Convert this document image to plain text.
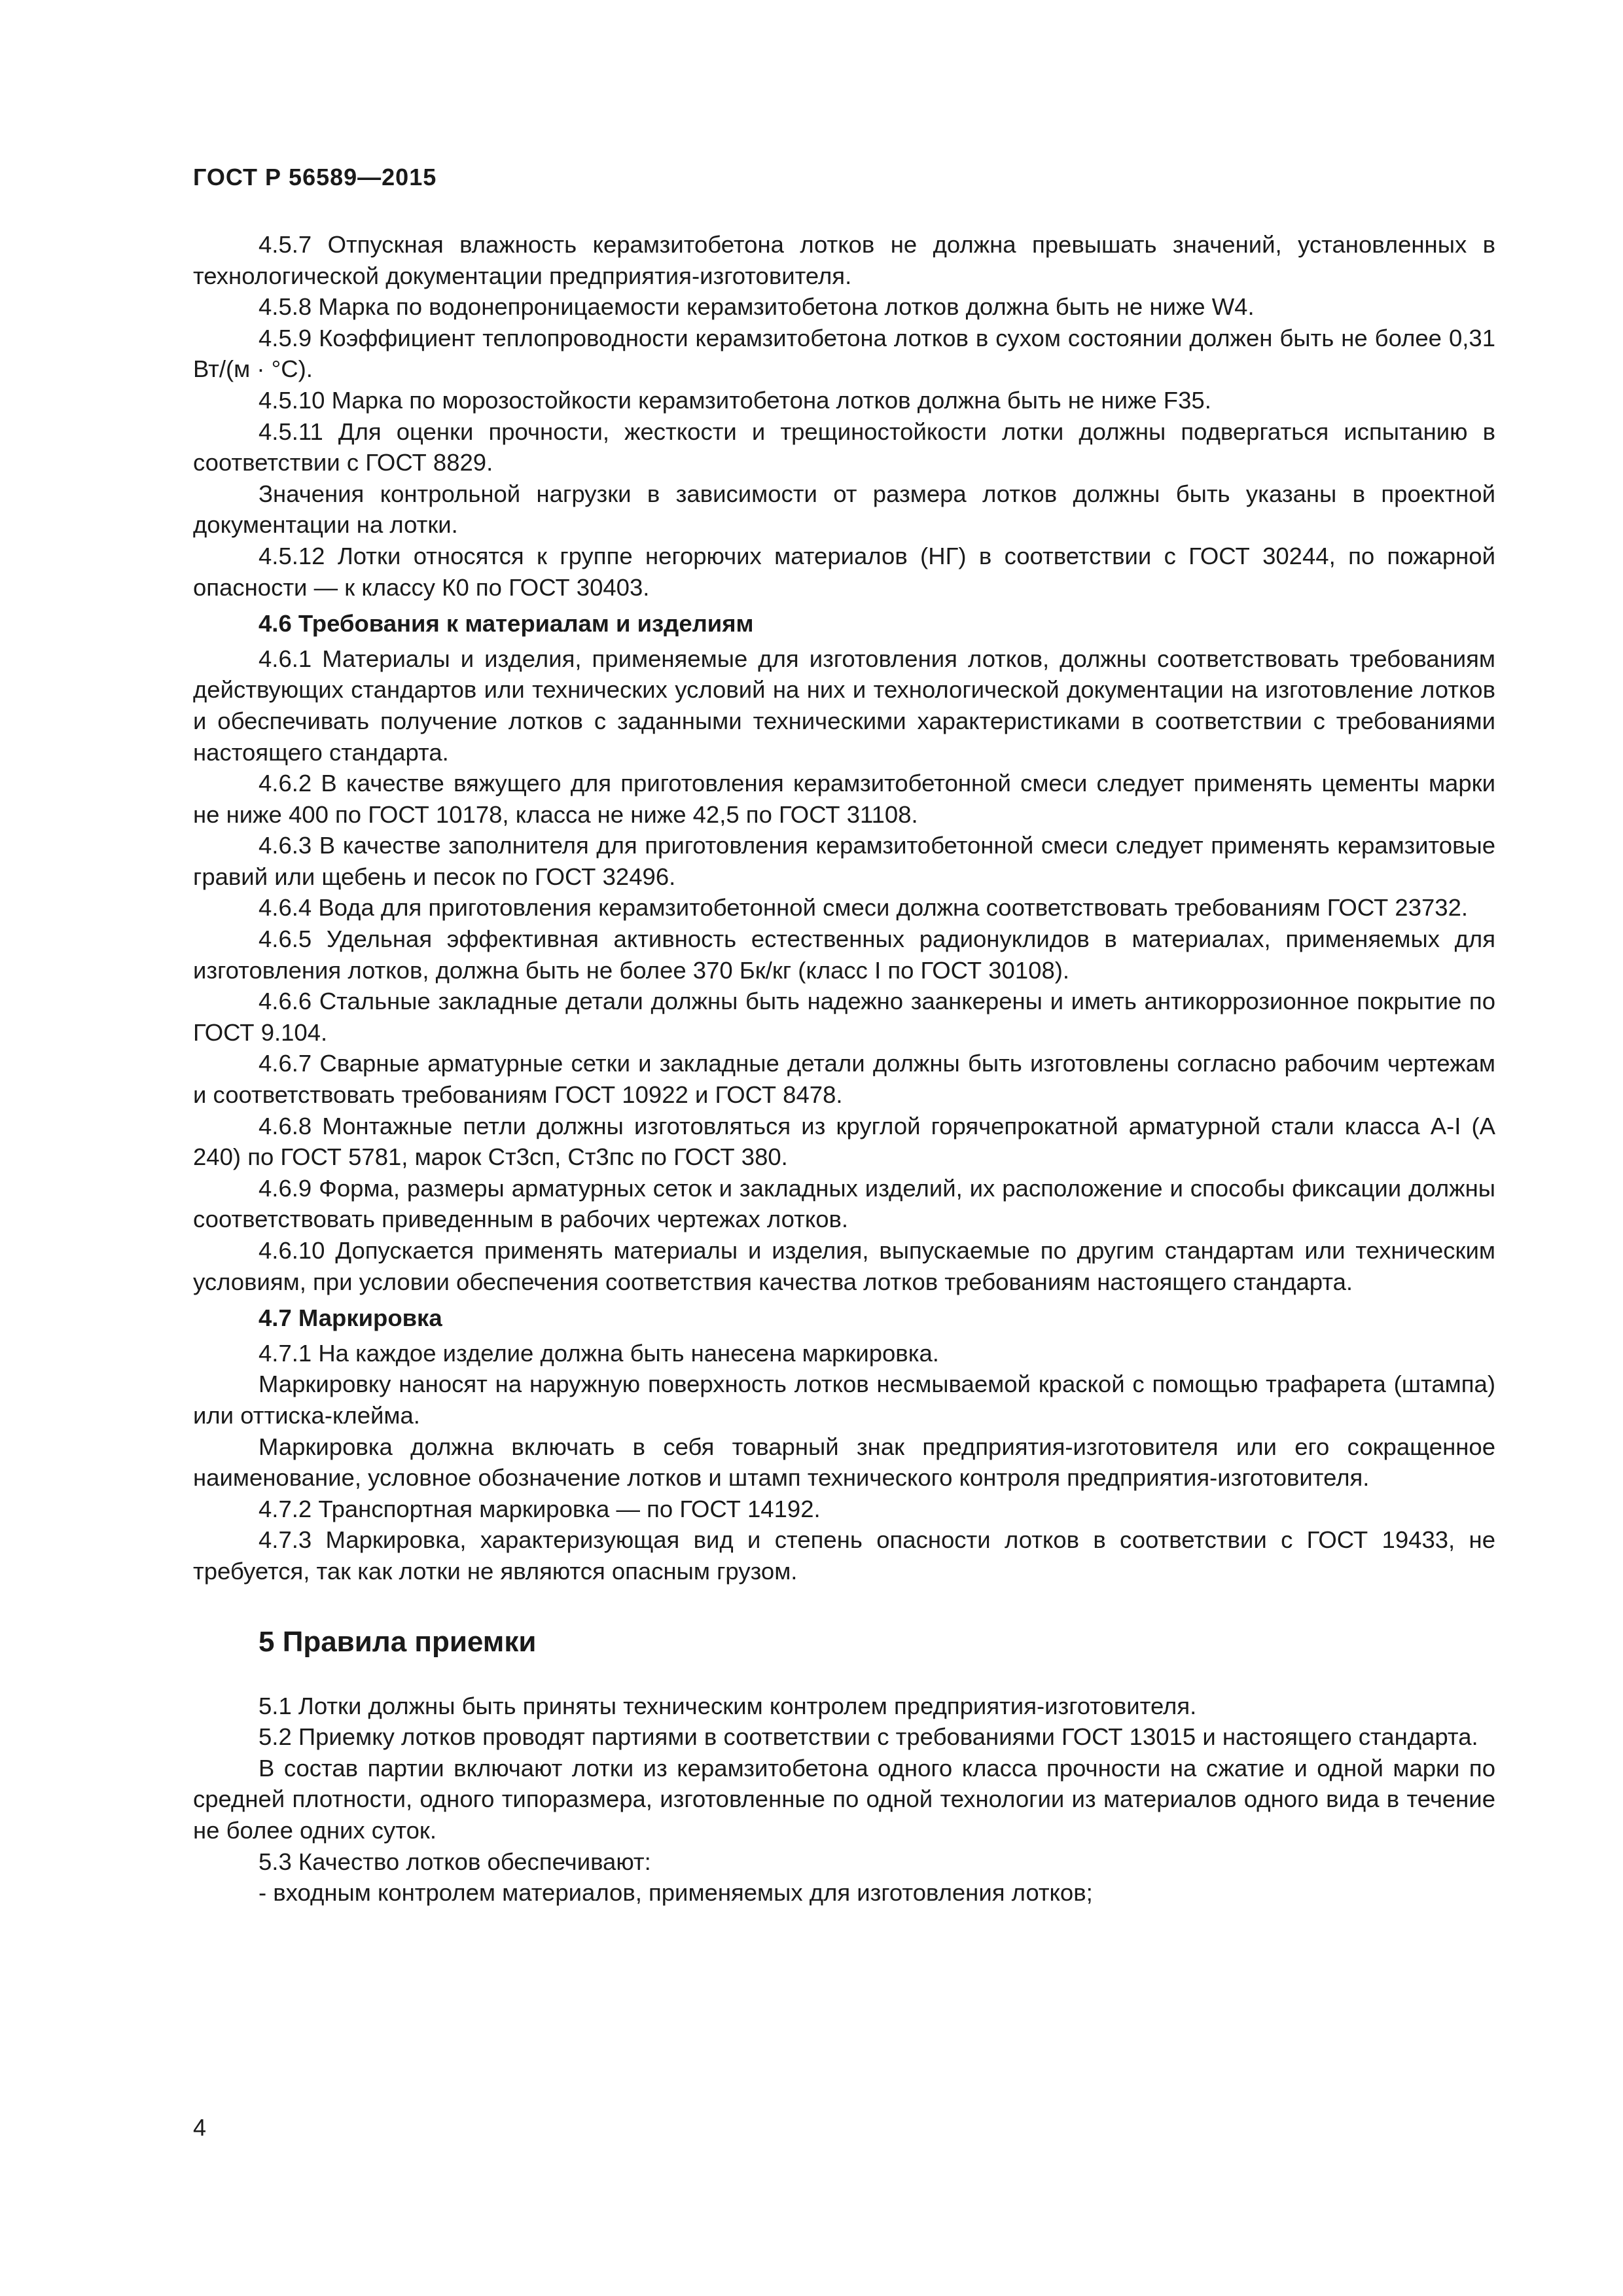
ГОСТ Р 56589—2015

4.5.7 Отпускная влажность керамзитобетона лотков не должна превышать значений, установленных в технологической документации предприятия-изготовителя.

4.5.8 Марка по водонепроницаемости керамзитобетона лотков должна быть не ниже W4.

4.5.9 Коэффициент теплопроводности керамзитобетона лотков в сухом состоянии должен быть не более 0,31 Вт/(м · °С).

4.5.10 Марка по морозостойкости керамзитобетона лотков должна быть не ниже F35.

4.5.11 Для оценки прочности, жесткости и трещиностойкости лотки должны подвергаться испытанию в соответствии с ГОСТ 8829.

Значения контрольной нагрузки в зависимости от размера лотков должны быть указаны в проектной документации на лотки.

4.5.12 Лотки относятся к группе негорючих материалов (НГ) в соответствии с ГОСТ 30244, по пожарной опасности — к классу К0 по ГОСТ 30403.

4.6 Требования к материалам и изделиям

4.6.1 Материалы и изделия, применяемые для изготовления лотков, должны соответствовать требованиям действующих стандартов или технических условий на них и технологической документации на изготовление лотков и обеспечивать получение лотков с заданными техническими характеристиками в соответствии с требованиями настоящего стандарта.

4.6.2 В качестве вяжущего для приготовления керамзитобетонной смеси следует применять цементы марки не ниже 400 по ГОСТ 10178, класса не ниже 42,5 по ГОСТ 31108.

4.6.3 В качестве заполнителя для приготовления керамзитобетонной смеси следует применять керамзитовые гравий или щебень и песок по ГОСТ 32496.

4.6.4 Вода для приготовления керамзитобетонной смеси должна соответствовать требованиям ГОСТ 23732.

4.6.5 Удельная эффективная активность естественных радионуклидов в материалах, применяемых для изготовления лотков, должна быть не более 370 Бк/кг (класс I по ГОСТ 30108).

4.6.6 Стальные закладные детали должны быть надежно заанкерены и иметь антикоррозионное покрытие по ГОСТ 9.104.

4.6.7 Сварные арматурные сетки и закладные детали должны быть изготовлены согласно рабочим чертежам и соответствовать требованиям ГОСТ 10922 и ГОСТ 8478.

4.6.8 Монтажные петли должны изготовляться из круглой горячепрокатной арматурной стали класса А-I (А 240) по ГОСТ 5781, марок Ст3сп, Ст3пс по ГОСТ 380.

4.6.9 Форма, размеры арматурных сеток и закладных изделий, их расположение и способы фиксации должны соответствовать приведенным в рабочих чертежах лотков.

4.6.10 Допускается применять материалы и изделия, выпускаемые по другим стандартам или техническим условиям, при условии обеспечения соответствия качества лотков требованиям настоящего стандарта.

4.7 Маркировка

4.7.1 На каждое изделие должна быть нанесена маркировка.

Маркировку наносят на наружную поверхность лотков несмываемой краской с помощью трафарета (штампа) или оттиска-клейма.

Маркировка должна включать в себя товарный знак предприятия-изготовителя или его сокращенное наименование, условное обозначение лотков и штамп технического контроля предприятия-изготовителя.

4.7.2 Транспортная маркировка — по ГОСТ 14192.

4.7.3 Маркировка, характеризующая вид и степень опасности лотков в соответствии с ГОСТ 19433, не требуется, так как лотки не являются опасным грузом.

5 Правила приемки

5.1 Лотки должны быть приняты техническим контролем предприятия-изготовителя.

5.2 Приемку лотков проводят партиями в соответствии с требованиями ГОСТ 13015 и настоящего стандарта.

В состав партии включают лотки из керамзитобетона одного класса прочности на сжатие и одной марки по средней плотности, одного типоразмера, изготовленные по одной технологии из материалов одного вида в течение не более одних суток.

5.3 Качество лотков обеспечивают:

- входным контролем материалов, применяемых для изготовления лотков;

4
